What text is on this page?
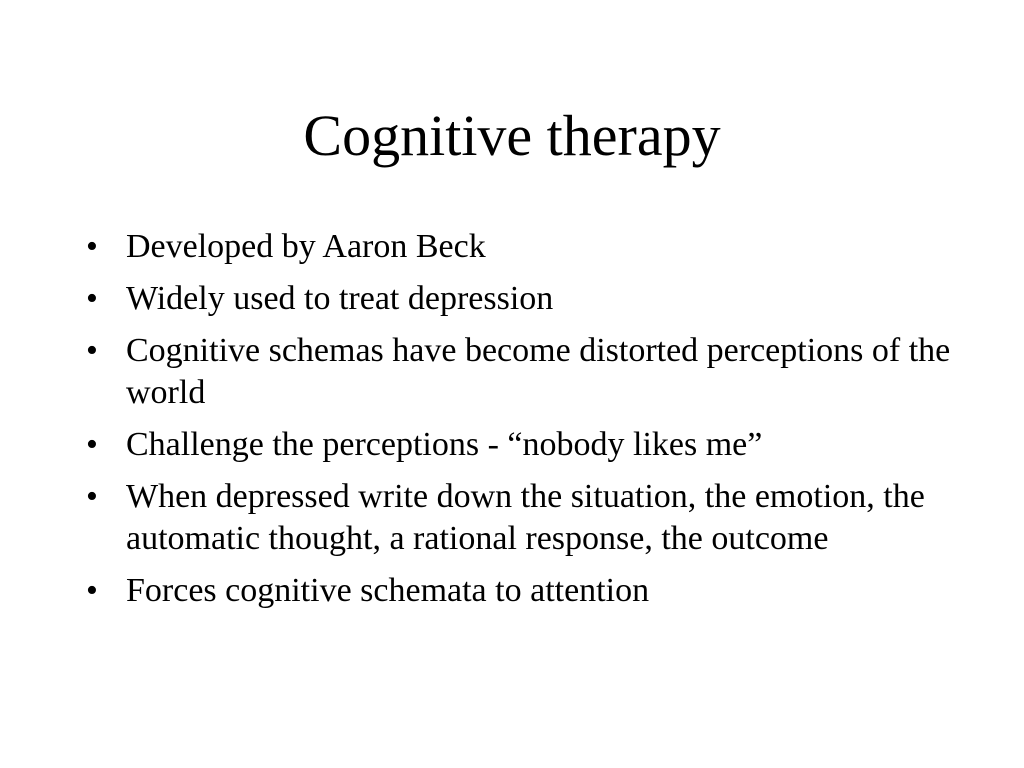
Cognitive therapy
• Developed by Aaron Beck
• Widely used to treat depression
• Cognitive schemas have become distorted perceptions of the world
• Challenge the perceptions - “nobody likes me”
• When depressed write down the situation, the emotion, the automatic thought, a rational response, the outcome
• Forces cognitive schemata to attention
